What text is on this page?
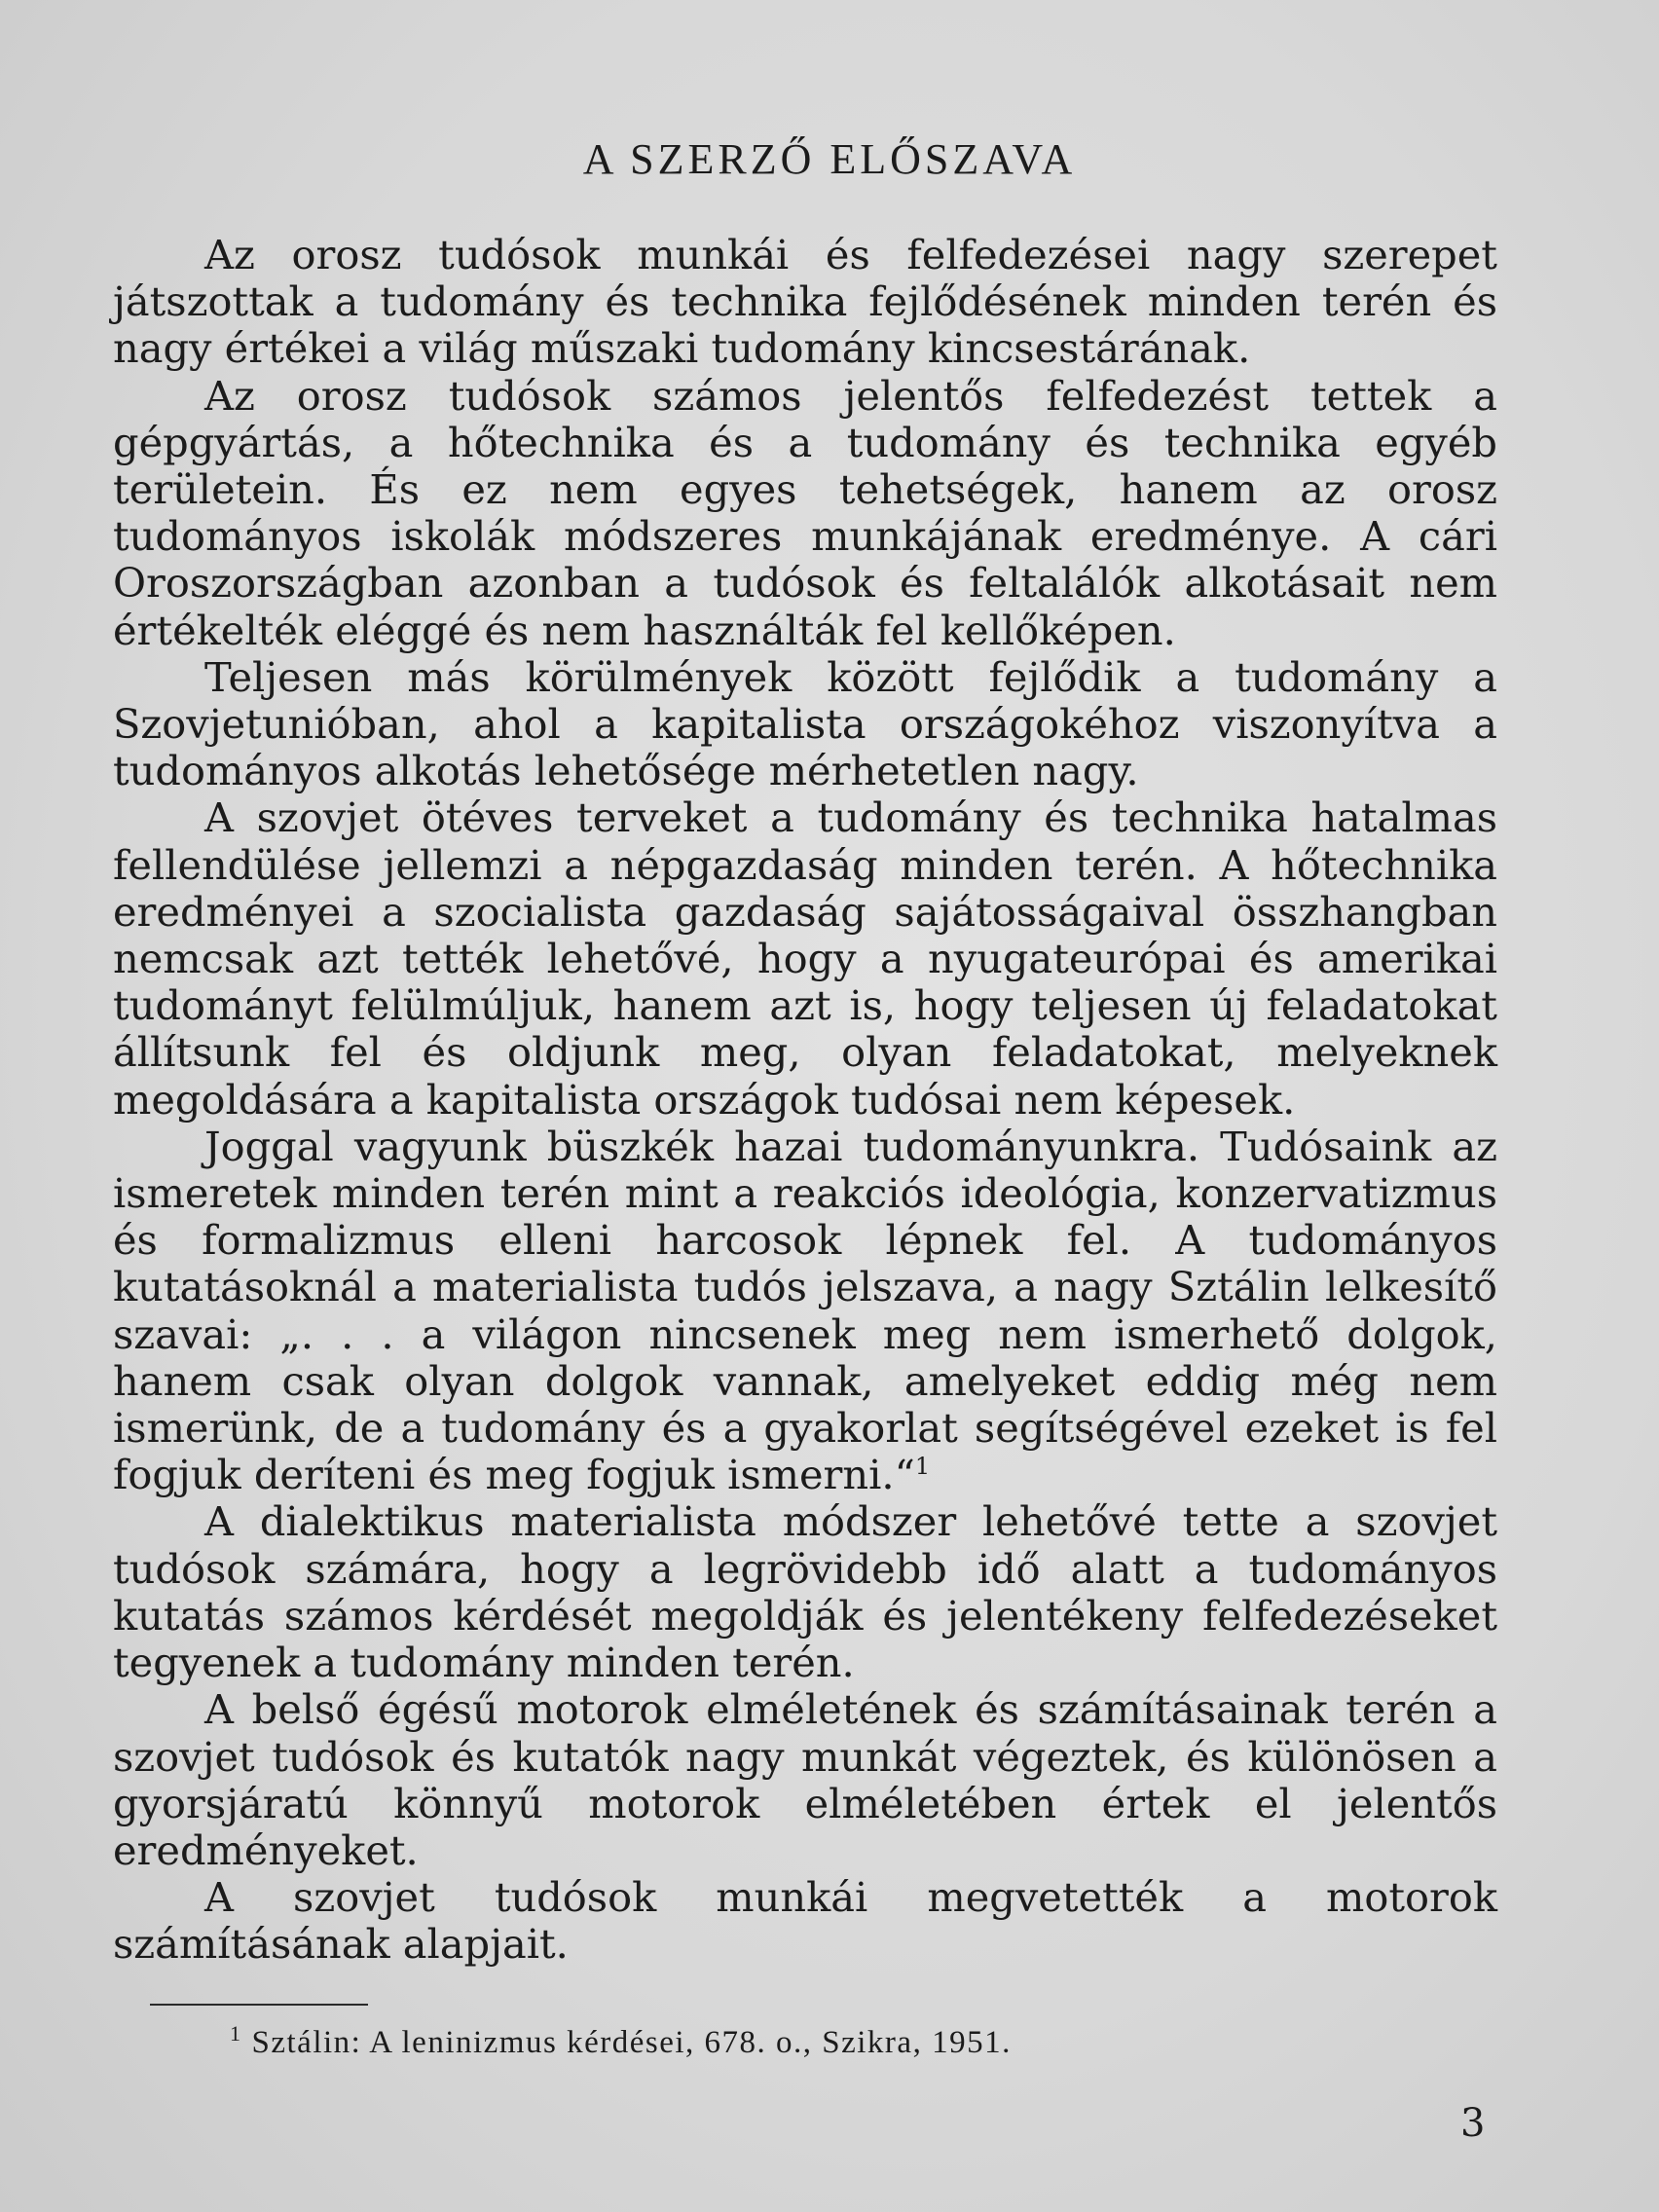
A SZERZŐ ELŐSZAVA

Az orosz tudósok munkái és felfedezései nagy szerepet játszottak a tudomány és technika fejlődésének minden terén és nagy értékei a világ műszaki tudomány kincsestárának.

Az orosz tudósok számos jelentős felfedezést tettek a gépgyártás, a hőtechnika és a tudomány és technika egyéb területein. És ez nem egyes tehetségek, hanem az orosz tudományos iskolák módszeres munkájának eredménye. A cári Oroszországban azonban a tudósok és feltalálók alkotásait nem értékelték eléggé és nem használták fel kellőképen.

Teljesen más körülmények között fejlődik a tudomány a Szovjetunióban, ahol a kapitalista országokéhoz viszonyítva a tudományos alkotás lehetősége mérhetetlen nagy.

A szovjet ötéves terveket a tudomány és technika hatalmas fellendülése jellemzi a népgazdaság minden terén. A hőtechnika eredményei a szocialista gazdaság sajátosságaival összhangban nemcsak azt tették lehetővé, hogy a nyugateurópai és amerikai tudományt felülmúljuk, hanem azt is, hogy teljesen új feladatokat állítsunk fel és oldjunk meg, olyan feladatokat, melyeknek megoldására a kapitalista országok tudósai nem képesek.

Joggal vagyunk büszkék hazai tudományunkra. Tudósaink az ismeretek minden terén mint a reakciós ideológia, konzervatizmus és formalizmus elleni harcosok lépnek fel. A tudományos kutatásoknál a materialista tudós jelszava, a nagy Sztálin lelkesítő szavai: „. . . a világon nincsenek meg nem ismerhető dolgok, hanem csak olyan dolgok vannak, amelyeket eddig még nem ismerünk, de a tudomány és a gyakorlat segítségével ezeket is fel fogjuk deríteni és meg fogjuk ismerni.“$^1$

A dialektikus materialista módszer lehetővé tette a szovjet tudósok számára, hogy a legrövidebb idő alatt a tudományos kutatás számos kérdését megoldják és jelentékeny felfedezéseket tegyenek a tudomány minden terén.

A belső égésű motorok elméletének és számításainak terén a szovjet tudósok és kutatók nagy munkát végeztek, és különösen a gyorsjáratú könnyű motorok elméletében értek el jelentős eredményeket.

A szovjet tudósok munkái megvetették a motorok számításának alapjait.

$^1$ Sztálin: A leninizmus kérdései, 678. o., Szikra, 1951.
3
